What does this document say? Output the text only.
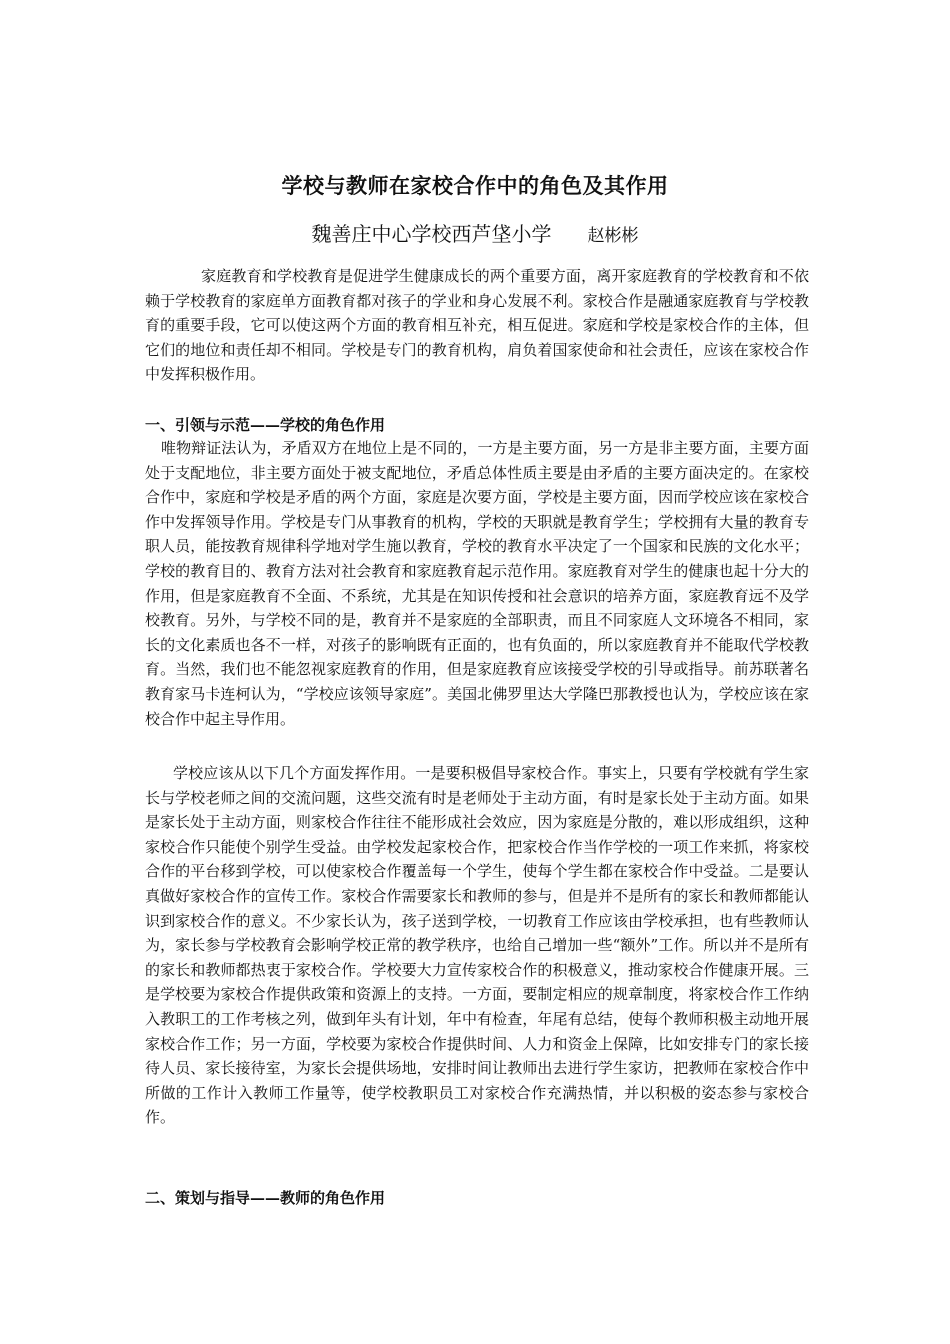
学校与教师在家校合作中的角色及其作用

魏善庄中心学校西芦垡小学 赵彬彬

家庭教育和学校教育是促进学生健康成长的两个重要方面，离开家庭教育的学校教育和不依赖于学校教育的家庭单方面教育都对孩子的学业和身心发展不利。家校合作是融通家庭教育与学校教育的重要手段，它可以使这两个方面的教育相互补充，相互促进。家庭和学校是家校合作的主体，但它们的地位和责任却不相同。学校是专门的教育机构，肩负着国家使命和社会责任，应该在家校合作中发挥积极作用。

一、引领与示范——学校的角色作用

唯物辩证法认为，矛盾双方在地位上是不同的，一方是主要方面，另一方是非主要方面，主要方面处于支配地位，非主要方面处于被支配地位，矛盾总体性质主要是由矛盾的主要方面决定的。在家校合作中，家庭和学校是矛盾的两个方面，家庭是次要方面，学校是主要方面，因而学校应该在家校合作中发挥领导作用。学校是专门从事教育的机构，学校的天职就是教育学生；学校拥有大量的教育专职人员，能按教育规律科学地对学生施以教育，学校的教育水平决定了一个国家和民族的文化水平；学校的教育目的、教育方法对社会教育和家庭教育起示范作用。家庭教育对学生的健康也起十分大的作用，但是家庭教育不全面、不系统，尤其是在知识传授和社会意识的培养方面，家庭教育远不及学校教育。另外，与学校不同的是，教育并不是家庭的全部职责，而且不同家庭人文环境各不相同，家长的文化素质也各不一样，对孩子的影响既有正面的，也有负面的，所以家庭教育并不能取代学校教育。当然，我们也不能忽视家庭教育的作用，但是家庭教育应该接受学校的引导或指导。前苏联著名教育家马卡连柯认为，“学校应该领导家庭”。美国北佛罗里达大学隆巴那教授也认为，学校应该在家校合作中起主导作用。

学校应该从以下几个方面发挥作用。一是要积极倡导家校合作。事实上，只要有学校就有学生家长与学校老师之间的交流问题，这些交流有时是老师处于主动方面，有时是家长处于主动方面。如果是家长处于主动方面，则家校合作往往不能形成社会效应，因为家庭是分散的，难以形成组织，这种家校合作只能使个别学生受益。由学校发起家校合作，把家校合作当作学校的一项工作来抓，将家校合作的平台移到学校，可以使家校合作覆盖每一个学生，使每个学生都在家校合作中受益。二是要认真做好家校合作的宣传工作。家校合作需要家长和教师的参与，但是并不是所有的家长和教师都能认识到家校合作的意义。不少家长认为，孩子送到学校，一切教育工作应该由学校承担，也有些教师认为，家长参与学校教育会影响学校正常的教学秩序，也给自己增加一些“额外”工作。所以并不是所有的家长和教师都热衷于家校合作。学校要大力宣传家校合作的积极意义，推动家校合作健康开展。三是学校要为家校合作提供政策和资源上的支持。一方面，要制定相应的规章制度，将家校合作工作纳入教职工的工作考核之列，做到年头有计划，年中有检查，年尾有总结，使每个教师积极主动地开展家校合作工作；另一方面，学校要为家校合作提供时间、人力和资金上保障，比如安排专门的家长接待人员、家长接待室，为家长会提供场地，安排时间让教师出去进行学生家访，把教师在家校合作中所做的工作计入教师工作量等，使学校教职员工对家校合作充满热情，并以积极的姿态参与家校合作。

二、策划与指导——教师的角色作用
